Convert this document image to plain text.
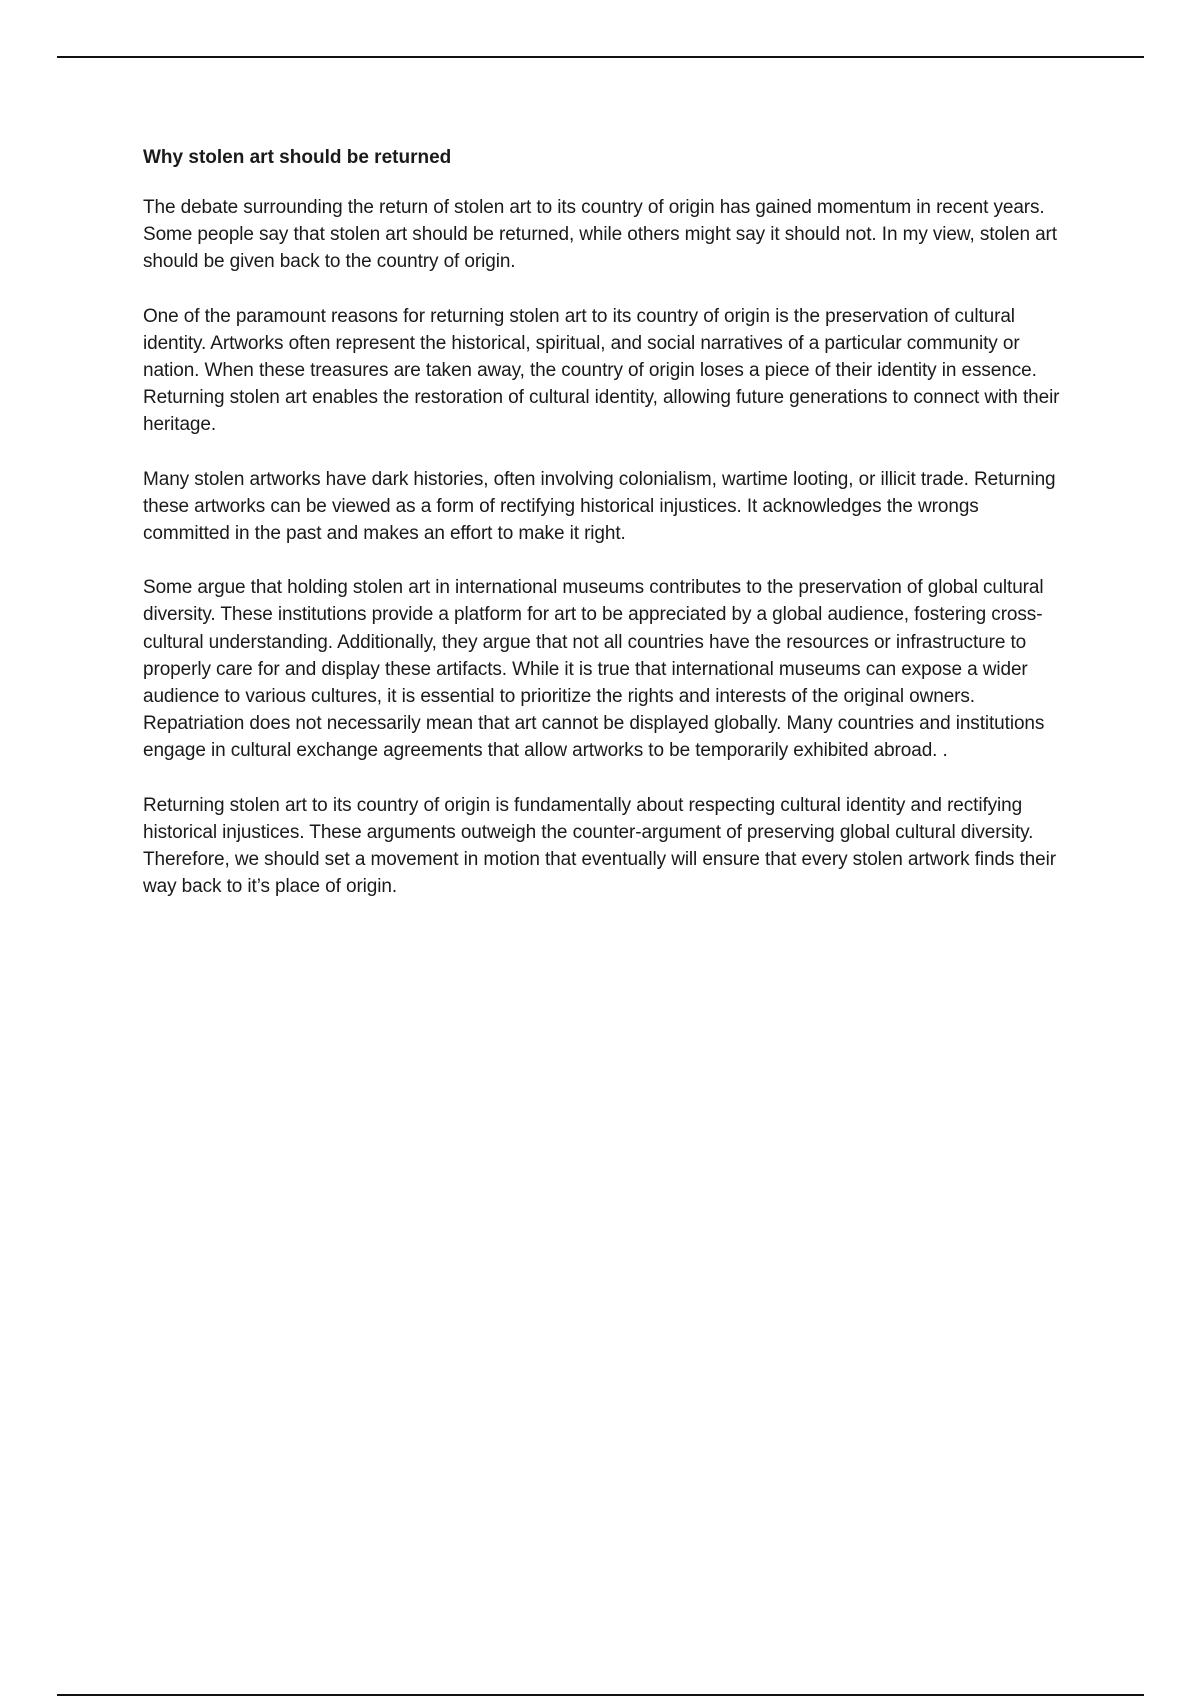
Why stolen art should be returned

The debate surrounding the return of stolen art to its country of origin has gained momentum in recent years. Some people say that stolen art should be returned, while others might say it should not. In my view, stolen art should be given back to the country of origin.

One of the paramount reasons for returning stolen art to its country of origin is the preservation of cultural identity. Artworks often represent the historical, spiritual, and social narratives of a particular community or nation. When these treasures are taken away, the country of origin loses a piece of their identity in essence. Returning stolen art enables the restoration of cultural identity, allowing future generations to connect with their heritage.

Many stolen artworks have dark histories, often involving colonialism, wartime looting, or illicit trade. Returning these artworks can be viewed as a form of rectifying historical injustices. It acknowledges the wrongs committed in the past and makes an effort to make it right.

Some argue that holding stolen art in international museums contributes to the preservation of global cultural diversity. These institutions provide a platform for art to be appreciated by a global audience, fostering cross-cultural understanding. Additionally, they argue that not all countries have the resources or infrastructure to properly care for and display these artifacts. While it is true that international museums can expose a wider audience to various cultures, it is essential to prioritize the rights and interests of the original owners. Repatriation does not necessarily mean that art cannot be displayed globally. Many countries and institutions engage in cultural exchange agreements that allow artworks to be temporarily exhibited abroad. .

Returning stolen art to its country of origin is fundamentally about respecting cultural identity and rectifying historical injustices. These arguments outweigh the counter-argument of preserving global cultural diversity. Therefore, we should set a movement in motion that eventually will ensure that every stolen artwork finds their way back to it’s place of origin.
